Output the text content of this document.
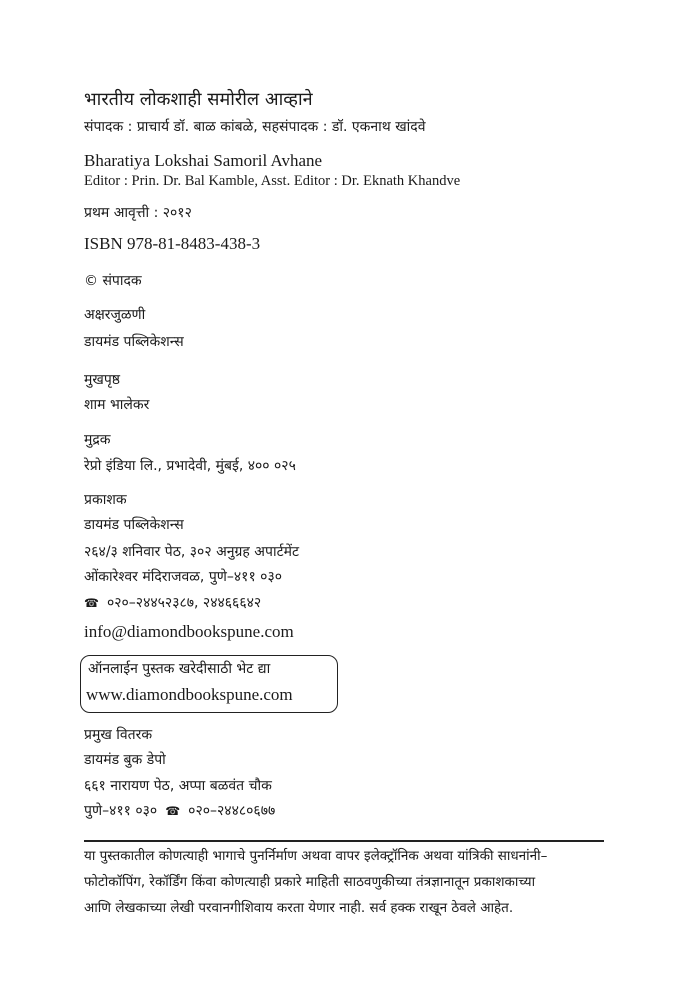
भारतीय लोकशाही समोरील आव्हाने
संपादक : प्राचार्य डॉ. बाळ कांबळे, सहसंपादक : डॉ. एकनाथ खांदवे
Bharatiya Lokshai Samoril Avhane
Editor : Prin. Dr. Bal Kamble, Asst. Editor : Dr. Eknath Khandve
प्रथम आवृत्ती : २०१२
ISBN 978-81-8483-438-3
© संपादक
अक्षरजुळणी
डायमंड पब्लिकेशन्स
मुखपृष्ठ
शाम भालेकर
मुद्रक
रेप्रो इंडिया लि., प्रभादेवी, मुंबई, ४०० ०२५
प्रकाशक
डायमंड पब्लिकेशन्स
२६४/३ शनिवार पेठ, ३०२ अनुग्रह अपार्टमेंट
ओंकारेश्वर मंदिराजवळ, पुणे–४११ ०३०
☎ ०२०–२४४५२३८७, २४४६६६४२
info@diamondbookspune.com
ऑनलाईन पुस्तक खरेदीसाठी भेट द्या
www.diamondbookspune.com
प्रमुख वितरक
डायमंड बुक डेपो
६६१ नारायण पेठ, अप्पा बळवंत चौक
पुणे–४११ ०३० ☎ ०२०–२४४८०६७७
या पुस्तकातील कोणत्याही भागाचे पुनर्निर्माण अथवा वापर इलेक्ट्रॉनिक अथवा यांत्रिकी साधनांनी–
फोटोकॉपिंग, रेकॉर्डिंग किंवा कोणत्याही प्रकारे माहिती साठवणुकीच्या तंत्रज्ञानातून प्रकाशकाच्या
आणि लेखकाच्या लेखी परवानगीशिवाय करता येणार नाही. सर्व हक्क राखून ठेवले आहेत.
